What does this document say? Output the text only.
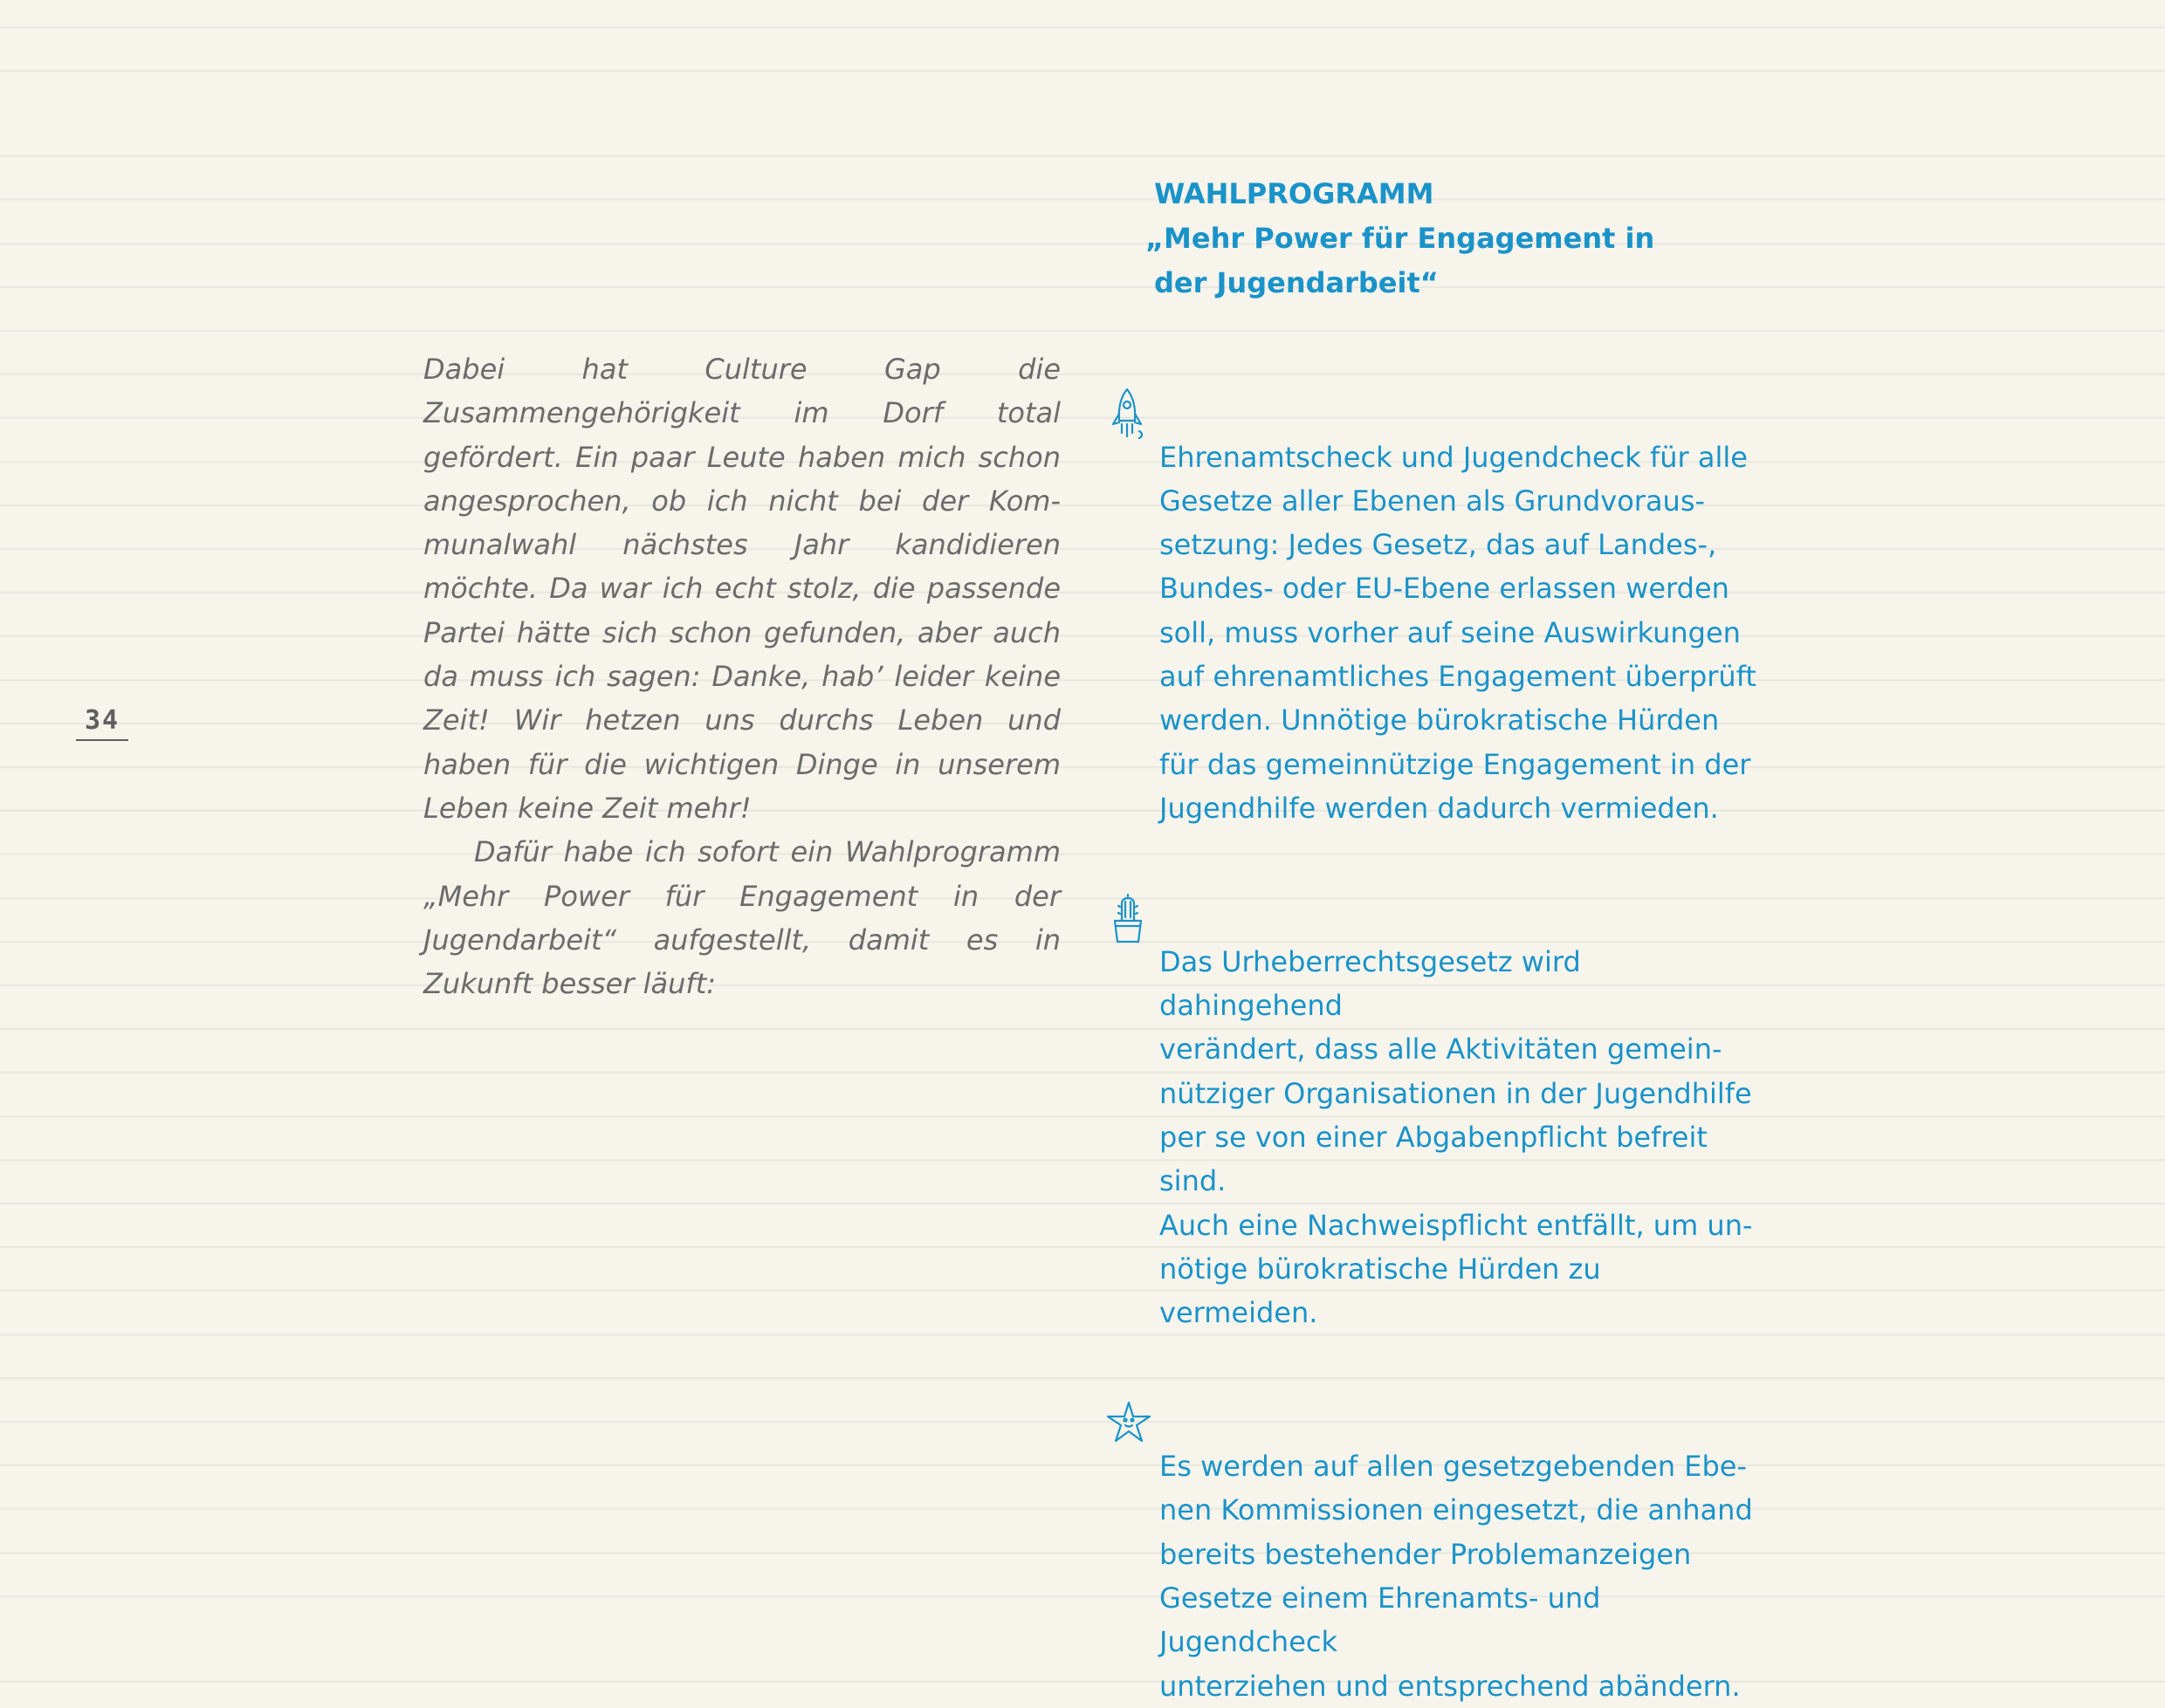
34

Dabei hat Culture Gap die Zusammengehörigkeit im Dorf total gefördert. Ein paar Leute haben mich schon angesprochen, ob ich nicht bei der Kommunalwahl nächstes Jahr kandidieren möchte. Da war ich echt stolz, die passende Partei hätte sich schon gefunden, aber auch da muss ich sagen: Danke, hab’ leider keine Zeit! Wir hetzen uns durchs Leben und haben für die wichtigen Dinge in unserem Leben keine Zeit mehr!

Dafür habe ich sofort ein Wahlprogramm „Mehr Power für Engagement in der Jugendarbeit“ aufgestellt, damit es in Zukunft besser läuft:

WAHLPROGRAMM
„Mehr Power für Engagement in
der Jugendarbeit“

Ehrenamtscheck und Jugendcheck für alle
Gesetze aller Ebenen als Grundvoraus-
setzung: Jedes Gesetz, das auf Landes-,
Bundes- oder EU-Ebene erlassen werden
soll, muss vorher auf seine Auswirkungen
auf ehrenamtliches Engagement überprüft
werden. Unnötige bürokratische Hürden
für das gemeinnützige Engagement in der
Jugendhilfe werden dadurch vermieden.

Das Urheberrechtsgesetz wird dahingehend
verändert, dass alle Aktivitäten gemein-
nütziger Organisationen in der Jugendhilfe
per se von einer Abgabenpflicht befreit sind.
Auch eine Nachweispflicht entfällt, um un-
nötige bürokratische Hürden zu vermeiden.

Es werden auf allen gesetzgebenden Ebe-
nen Kommissionen eingesetzt, die anhand
bereits bestehender Problemanzeigen
Gesetze einem Ehrenamts- und Jugendcheck
unterziehen und entsprechend abändern.
